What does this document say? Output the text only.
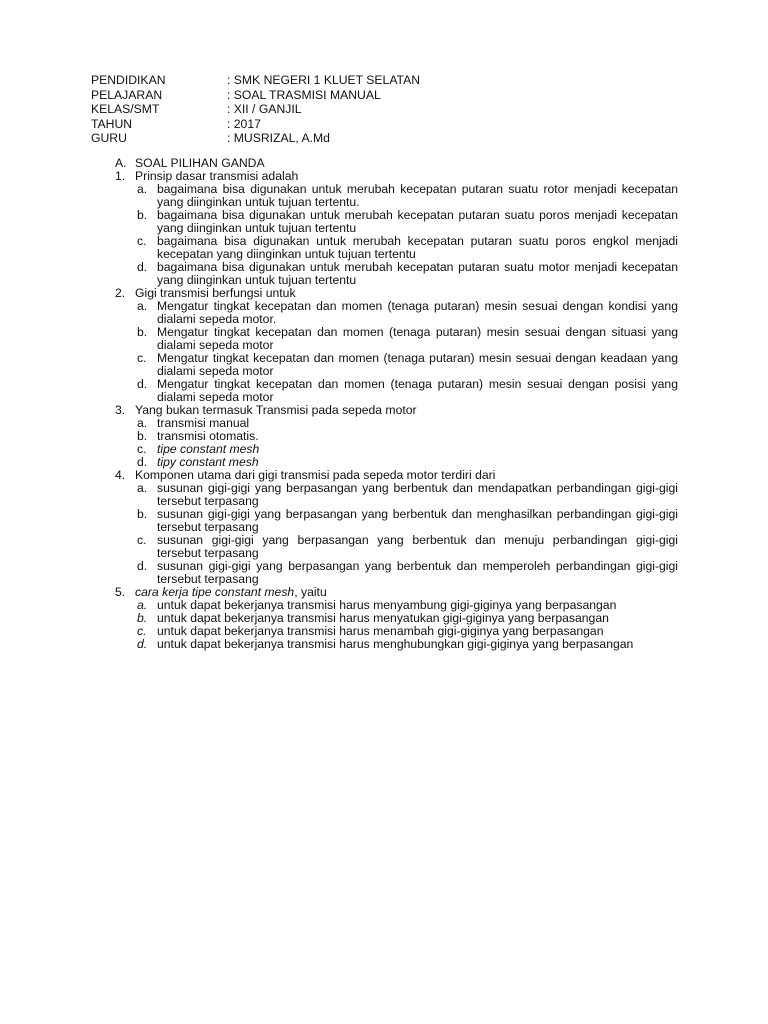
PENDIDIKAN	: SMK NEGERI 1 KLUET SELATAN
PELAJARAN	: SOAL TRASMISI MANUAL
KELAS/SMT	: XII / GANJIL
TAHUN	: 2017
GURU	: MUSRIZAL, A.Md
A. SOAL PILIHAN GANDA
1. Prinsip dasar transmisi adalah
a. bagaimana bisa digunakan untuk merubah kecepatan putaran suatu rotor menjadi kecepatan yang diinginkan untuk tujuan tertentu.
b. bagaimana bisa digunakan untuk merubah kecepatan putaran suatu poros menjadi kecepatan yang diinginkan untuk tujuan tertentu
c. bagaimana bisa digunakan untuk merubah kecepatan putaran suatu poros engkol menjadi kecepatan yang diinginkan untuk tujuan tertentu
d. bagaimana bisa digunakan untuk merubah kecepatan putaran suatu motor menjadi kecepatan yang diinginkan untuk tujuan tertentu
2. Gigi transmisi berfungsi untuk
a. Mengatur tingkat kecepatan dan momen (tenaga putaran) mesin sesuai dengan kondisi yang dialami sepeda motor.
b. Mengatur tingkat kecepatan dan momen (tenaga putaran) mesin sesuai dengan situasi yang dialami sepeda motor
c. Mengatur tingkat kecepatan dan momen (tenaga putaran) mesin sesuai dengan keadaan yang dialami sepeda motor
d. Mengatur tingkat kecepatan dan momen (tenaga putaran) mesin sesuai dengan posisi yang dialami sepeda motor
3. Yang bukan termasuk Transmisi pada sepeda motor
a. transmisi manual
b. transmisi otomatis.
c. tipe constant mesh
d. tipy constant mesh
4. Komponen utama dari gigi transmisi pada sepeda motor terdiri dari
a. susunan gigi-gigi yang berpasangan yang berbentuk dan mendapatkan perbandingan gigi-gigi tersebut terpasang
b. susunan gigi-gigi yang berpasangan yang berbentuk dan menghasilkan perbandingan gigi-gigi tersebut terpasang
c. susunan gigi-gigi yang berpasangan yang berbentuk dan menuju perbandingan gigi-gigi tersebut terpasang
d. susunan gigi-gigi yang berpasangan yang berbentuk dan memperoleh perbandingan gigi-gigi tersebut terpasang
5. cara kerja tipe constant mesh, yaitu
a. untuk dapat bekerjanya transmisi harus menyambung gigi-giginya yang berpasangan
b. untuk dapat bekerjanya transmisi harus menyatukan gigi-giginya yang berpasangan
c. untuk dapat bekerjanya transmisi harus menambah gigi-giginya yang berpasangan
d. untuk dapat bekerjanya transmisi harus menghubungkan gigi-giginya yang berpasangan
